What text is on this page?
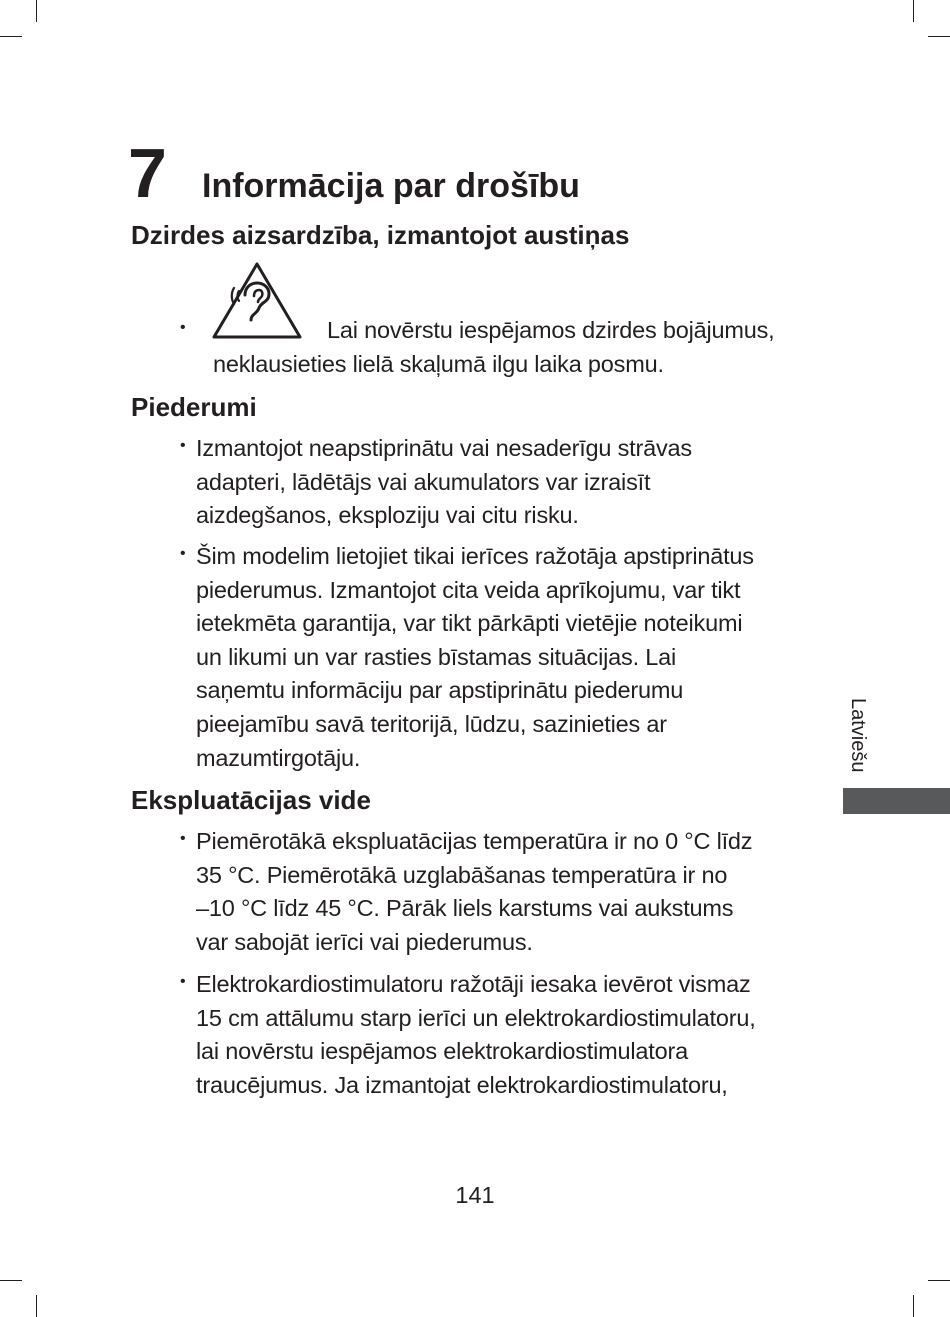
7 Informācija par drošību
Dzirdes aizsardzība, izmantojot austiņas
•	Lai novērstu iespējamos dzirdes bojājumus,
neklausieties lielā skaļumā ilgu laika posmu.
Piederumi
• Izmantojot neapstiprinātu vai nesaderīgu strāvas
adapteri, lādētājs vai akumulators var izraisīt
aizdegšanos, eksploziju vai citu risku.
• Šim modelim lietojiet tikai ierīces ražotāja apstiprinātus
piederumus. Izmantojot cita veida aprīkojumu, var tikt
ietekmēta garantija, var tikt pārkāpti vietējie noteikumi
un likumi un var rasties bīstamas situācijas. Lai
saņemtu informāciju par apstiprinātu piederumu
pieejamību savā teritorijā, lūdzu, sazinieties ar
mazumtirgotāju.
Ekspluatācijas vide
• Piemērotākā ekspluatācijas temperatūra ir no 0 °C līdz
35 °C. Piemērotākā uzglabāšanas temperatūra ir no
–10 °C līdz 45 °C. Pārāk liels karstums vai aukstums
var sabojāt ierīci vai piederumus.
• Elektrokardiostimulatoru ražotāji iesaka ievērot vismaz
15 cm attālumu starp ierīci un elektrokardiostimulatoru,
lai novērstu iespējamos elektrokardiostimulatora
traucējumus. Ja izmantojat elektrokardiostimulatoru,
Latviešu
141
